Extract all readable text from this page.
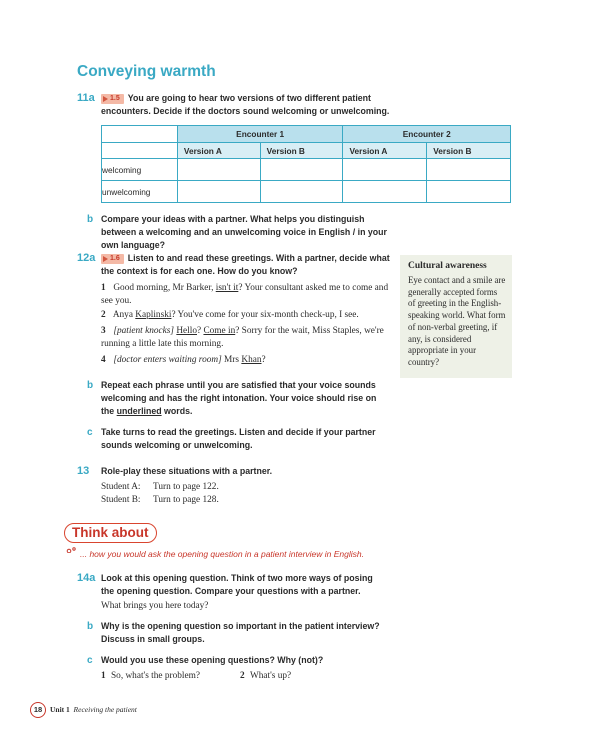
Conveying warmth
11a	1.5 You are going to hear two versions of two different patient encounters. Decide if the doctors sound welcoming or unwelcoming.
	Encounter 1		Encounter 2	
	Version A	Version B	Version A	Version B
welcoming				
unwelcoming				
b Compare your ideas with a partner. What helps you distinguish between a welcoming and an unwelcoming voice in English / in your own language?
12a	1.6 Listen to and read these greetings. With a partner, decide what the context is for each one. How do you know?
1 Good morning, Mr Barker, isn't it? Your consultant asked me to come and see you.
2 Anya Kaplinski? You've come for your six-month check-up, I see.
3 [patient knocks] Hello? Come in? Sorry for the wait, Miss Staples, we're running a little late this morning.
4 [doctor enters waiting room] Mrs Khan?
b Repeat each phrase until you are satisfied that your voice sounds welcoming and has the right intonation. Your voice should rise on the underlined words.
c Take turns to read the greetings. Listen and decide if your partner sounds welcoming or unwelcoming.
Cultural awareness
Eye contact and a smile are generally accepted forms of greeting in the English-speaking world. What form of non-verbal greeting, if any, is considered appropriate in your country?
13 Role-play these situations with a partner.
Student A: Turn to page 122.
Student B: Turn to page 128.
Think about
... how you would ask the opening question in a patient interview in English.
14a Look at this opening question. Think of two more ways of posing the opening question. Compare your questions with a partner.
What brings you here today?
b Why is the opening question so important in the patient interview? Discuss in small groups.
c Would you use these opening questions? Why (not)?
1 So, what's the problem?	2 What's up?
18	Unit 1 Receiving the patient
